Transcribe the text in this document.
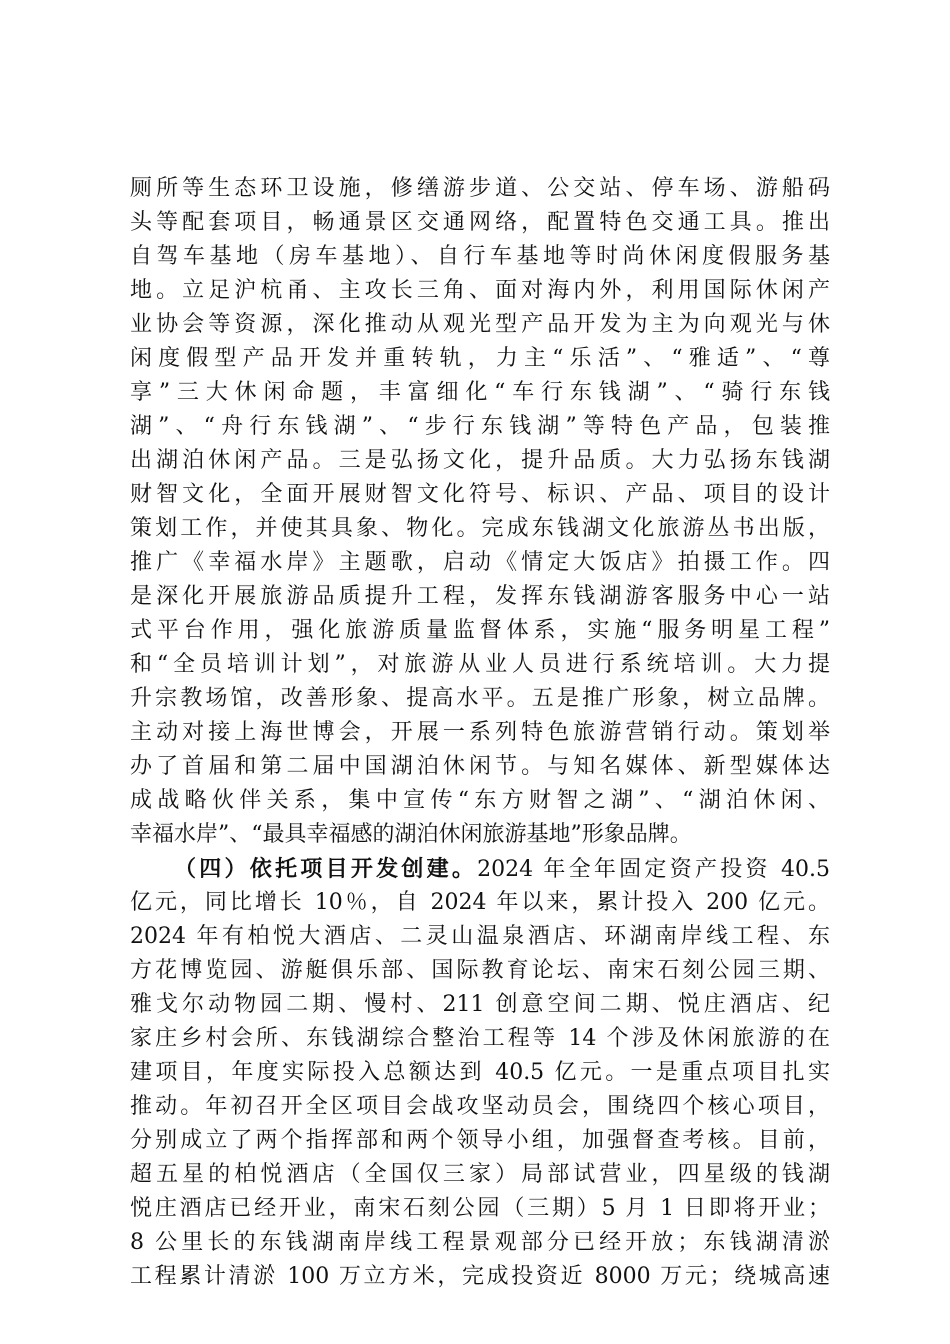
厕所等生态环卫设施，修缮游步道、公交站、停车场、游船码
头等配套项目，畅通景区交通网络，配置特色交通工具。推出
自驾车基地（房车基地）、自行车基地等时尚休闲度假服务基
地。立足沪杭甬、主攻长三角、面对海内外，利用国际休闲产
业协会等资源，深化推动从观光型产品开发为主为向观光与休
闲度假型产品开发并重转轨，力主“乐活”、“雅适”、“尊
享”三大休闲命题，丰富细化“车行东钱湖”、“骑行东钱
湖”、“舟行东钱湖”、“步行东钱湖”等特色产品，包装推
出湖泊休闲产品。三是弘扬文化，提升品质。大力弘扬东钱湖
财智文化，全面开展财智文化符号、标识、产品、项目的设计
策划工作，并使其具象、物化。完成东钱湖文化旅游丛书出版，
推广《幸福水岸》主题歌，启动《情定大饭店》拍摄工作。四
是深化开展旅游品质提升工程，发挥东钱湖游客服务中心一站
式平台作用，强化旅游质量监督体系，实施“服务明星工程”
和“全员培训计划”，对旅游从业人员进行系统培训。大力提
升宗教场馆，改善形象、提高水平。五是推广形象，树立品牌。
主动对接上海世博会，开展一系列特色旅游营销行动。策划举
办了首届和第二届中国湖泊休闲节。与知名媒体、新型媒体达
成战略伙伴关系，集中宣传“东方财智之湖”、“湖泊休闲、
幸福水岸”、“最具幸福感的湖泊休闲旅游基地”形象品牌。
（四）依托项目开发创建。2024 年全年固定资产投资 40.5
亿元，同比增长 10％，自 2024 年以来，累计投入 200 亿元。
2024 年有柏悦大酒店、二灵山温泉酒店、环湖南岸线工程、东
方花博览园、游艇俱乐部、国际教育论坛、南宋石刻公园三期、
雅戈尔动物园二期、慢村、211 创意空间二期、悦庄酒店、纪
家庄乡村会所、东钱湖综合整治工程等 14 个涉及休闲旅游的在
建项目，年度实际投入总额达到 40.5 亿元。一是重点项目扎实
推动。年初召开全区项目会战攻坚动员会，围绕四个核心项目，
分别成立了两个指挥部和两个领导小组，加强督查考核。目前，
超五星的柏悦酒店（全国仅三家）局部试营业，四星级的钱湖
悦庄酒店已经开业，南宋石刻公园（三期）5 月 1 日即将开业；
8 公里长的东钱湖南岸线工程景观部分已经开放；东钱湖清淤
工程累计清淤 100 万立方米，完成投资近 8000 万元；绕城高速
